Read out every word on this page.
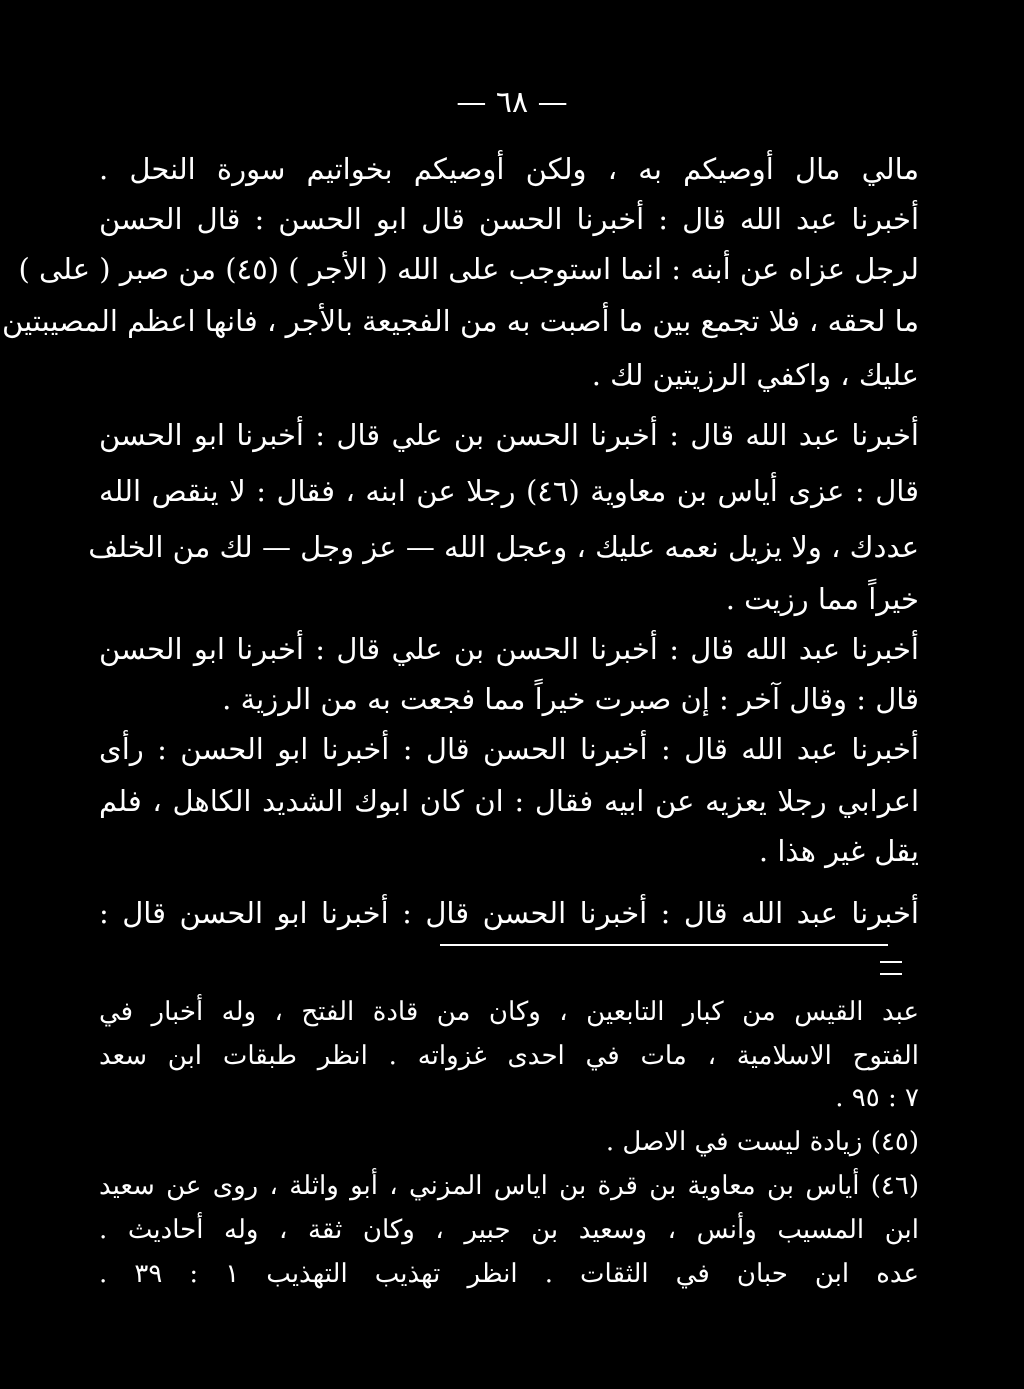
— ٦٨ —
مالي مال أوصيكم به ، ولكن أوصيكم بخواتيم سورة النحل .
أخبرنا عبد الله قال : أخبرنا الحسن قال ابو الحسن : قال الحسن
لرجل عزاه عن أبنه : انما استوجب على الله ( الأجر ) (٤٥) من صبر ( على )
ما لحقه ، فلا تجمع بين ما أصبت به من الفجيعة بالأجر ، فانها اعظم المصيبتين
عليك ، واكفي الرزيتين لك .
أخبرنا عبد الله قال : أخبرنا الحسن بن علي قال : أخبرنا ابو الحسن
قال : عزى أياس بن معاوية (٤٦) رجلا عن ابنه ، فقال : لا ينقص الله
عددك ، ولا يزيل نعمه عليك ، وعجل الله — عز وجل — لك من الخلف
خيراً مما رزيت .
أخبرنا عبد الله قال : أخبرنا الحسن بن علي قال : أخبرنا ابو الحسن
قال : وقال آخر : إن صبرت خيراً مما فجعت به من الرزية .
أخبرنا عبد الله قال : أخبرنا الحسن قال : أخبرنا ابو الحسن : رأى
اعرابي رجلا يعزيه عن ابيه فقال : ان كان ابوك الشديد الكاهل ، فلم
يقل غير هذا .
أخبرنا عبد الله قال : أخبرنا الحسن قال : أخبرنا ابو الحسن قال :
عبد القيس من كبار التابعين ، وكان من قادة الفتح ، وله أخبار في
الفتوح الاسلامية ، مات في احدى غزواته . انظر طبقات ابن سعد
٧ : ٩٥ .
(٤٥) زيادة ليست في الاصل .
(٤٦) أياس بن معاوية بن قرة بن اياس المزني ، أبو واثلة ، روى عن سعيد
ابن المسيب وأنس ، وسعيد بن جبير ، وكان ثقة ، وله أحاديث .
عده ابن حبان في الثقات . انظر تهذيب التهذيب ١ : ٣٩ .
